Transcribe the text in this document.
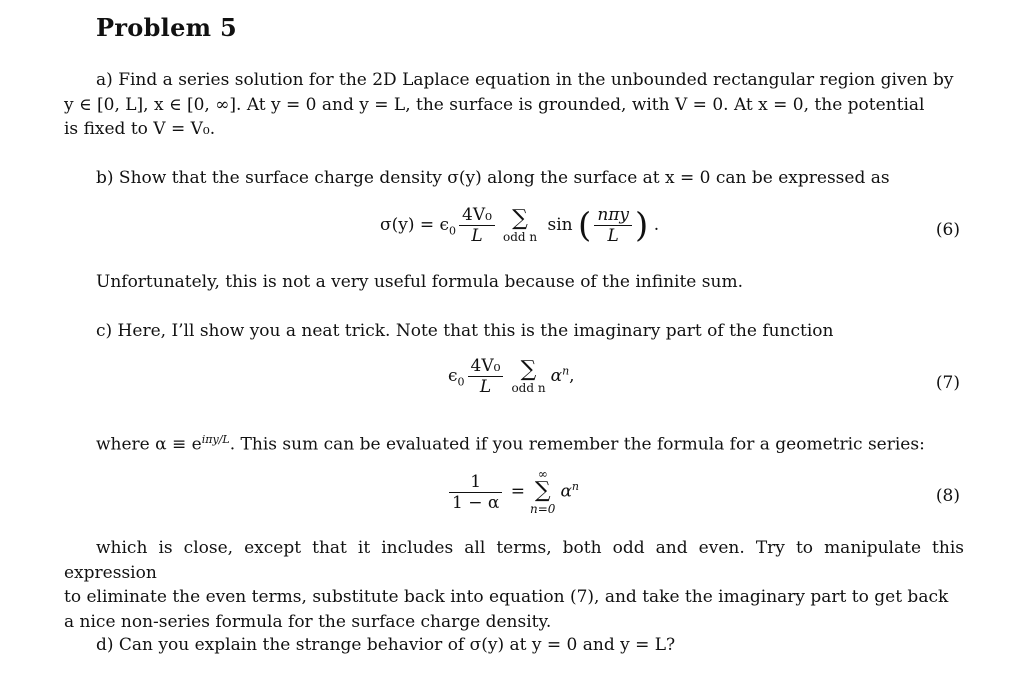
Problem 5
a) Find a series solution for the 2D Laplace equation in the unbounded rectangular region given by
y ∈ [0, L], x ∈ [0, ∞]. At y = 0 and y = L, the surface is grounded, with V = 0. At x = 0, the potential
is fixed to V = V₀.
b) Show that the surface charge density σ(y) along the surface at x = 0 can be expressed as
$\sigma(y) = \epsilon_0 \frac{\text{4V₀}}{L}$ ∑
odd n
sin ( $\frac{\text{nπy}}{L}$ ) .	(6)
Unfortunately, this is not a very useful formula because of the infinite sum.
c) Here, I’ll show you a neat trick. Note that this is the imaginary part of the function
$\epsilon_0 \frac{\text{4V₀}}{L}$ ∑
odd n
$\alpha^n$,	(7)
where $\alpha \equiv e^{i\pi y/L}$. This sum can be evaluated if you remember the formula for a geometric series:
$\frac{1}{1 - \alpha}$ =
∞
∑
n=0
$\alpha^n$	(8)
which is close, except that it includes all terms, both odd and even. Try to manipulate this expression
to eliminate the even terms, substitute back into equation (7), and take the imaginary part to get back
a nice non-series formula for the surface charge density.
d) Can you explain the strange behavior of σ(y) at y = 0 and y = L?
